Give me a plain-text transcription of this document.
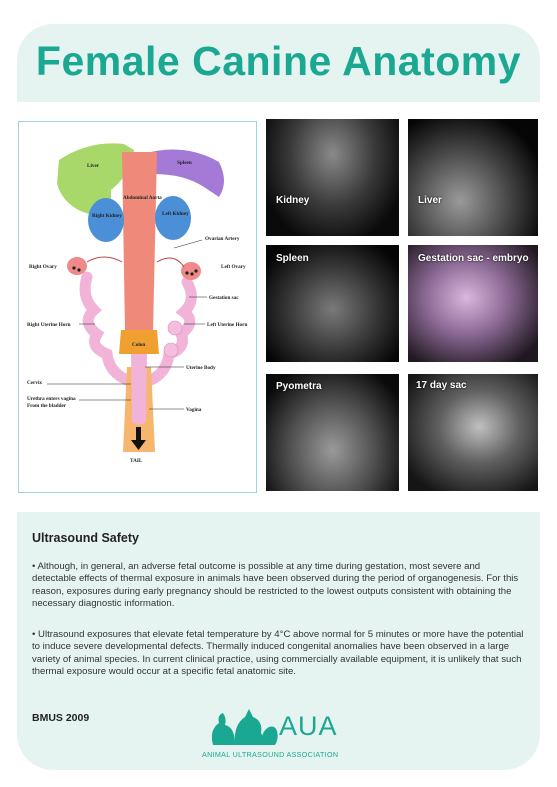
Female Canine Anatomy
Liver	Spleen
Right Kidney	Left Kidney
Abdominal Aorta
Ovarian Artery
Right Ovary	Left Ovary
Gestation sac
Right Uterine Horn	Left Uterine Horn
Colon
Uterine Body
Cervix
Urethra enters vagina
From the bladder
Vagina
TAIL
Kidney	Liver
Spleen	Gestation sac - embryo
Pyometra	17 day sac
Ultrasound Safety
• Although, in general, an adverse fetal outcome is possible at any time during gestation, most severe and detectable effects of thermal exposure in animals have been observed during the period of organogenesis. For this reason, exposures during early pregnancy should be restricted to the lowest outputs consistent with obtaining the necessary diagnostic information.
• Ultrasound exposures that elevate fetal temperature by 4°C above normal for 5 minutes or more have the potential to induce severe developmental defects. Thermally induced congenital anomalies have been observed in a large variety of animal species. In current clinical practice, using commercially available equipment, it is unlikely that such thermal exposure would occur at a specific fetal anatomic site.
BMUS 2009	AUA
ANIMAL ULTRASOUND ASSOCIATION
